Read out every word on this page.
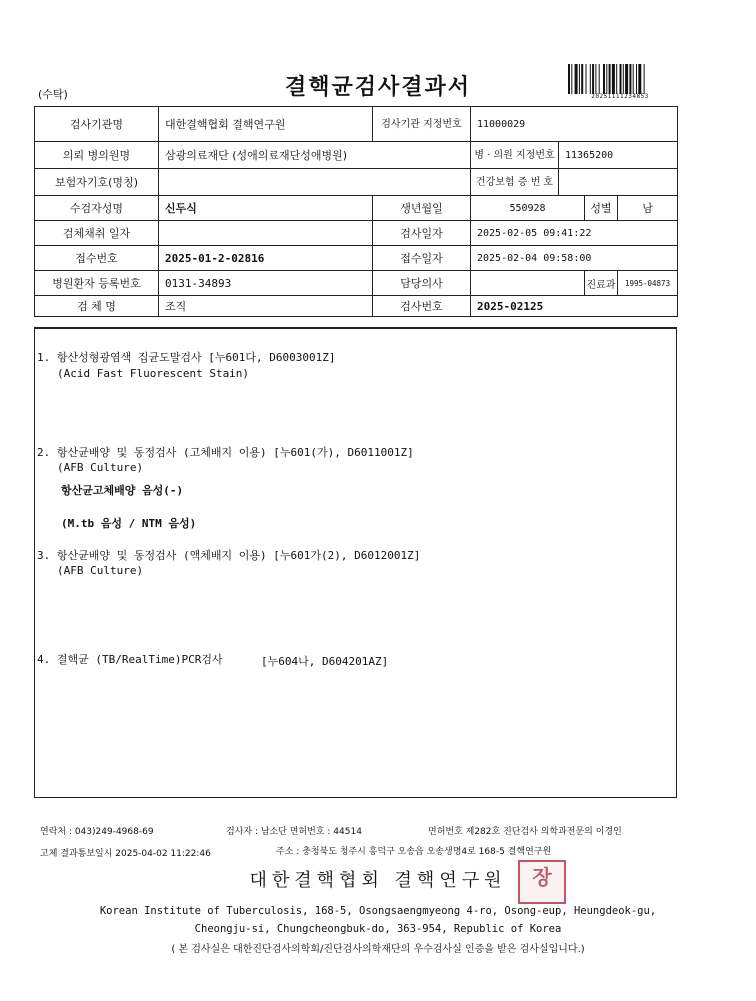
(수탁)	결핵균검사결과서	20251111234853
검사기관명	대한결핵협회 결핵연구원	검사기관 지정번호	11000029			
의뢰 병의원명	삼광의료재단 (성애의료재단성애병원)		병 · 의원 지정번호	11365200		
보험자기호(명칭)			건강보험 증 번 호			
수검자성명	신두식	생년월일	550928		성별	남
검체채취 일자		검사일자	2025-02-05 09:41:22			
접수번호	2025-01-2-02816	접수일자	2025-02-04 09:58:00			
병원환자 등록번호	0131-34893	담당의사			진료과	1995-04873
검 체 명	조직	검사번호	2025-02125			
1. 항산성형광염색 집균도말검사 [누601다, D6003001Z]
(Acid Fast Fluorescent Stain)
2. 항산균배양 및 동정검사 (고체배지 이용) [누601(가), D6011001Z]
(AFB Culture)
항산균고체배양 음성(-)
(M.tb 음성 / NTM 음성)
3. 항산균배양 및 동정검사 (액체배지 이용) [누601가(2), D6012001Z]
(AFB Culture)
4. 결핵균 (TB/RealTime)PCR검사	[누604나, D604201AZ]
연락처 : 043)249-4968-69	검사자 : 남소단 면허번호 : 44514	면허번호 제282호 진단검사 의학과전문의 이경인
고체 결과통보일시 2025-04-02 11:22:46	주소 : 충청북도 청주시 흥덕구 오송읍 오송생명4로 168-5 결핵연구원
대한결핵협회 결핵연구원	장
Korean Institute of Tuberculosis, 168-5, Osongsaengmyeong 4-ro, Osong-eup, Heungdeok-gu,
Cheongju-si, Chungcheongbuk-do, 363-954, Republic of Korea
( 본 검사실은 대한진단검사의학회/진단검사의학재단의 우수검사실 인증을 받은 검사실입니다.)
